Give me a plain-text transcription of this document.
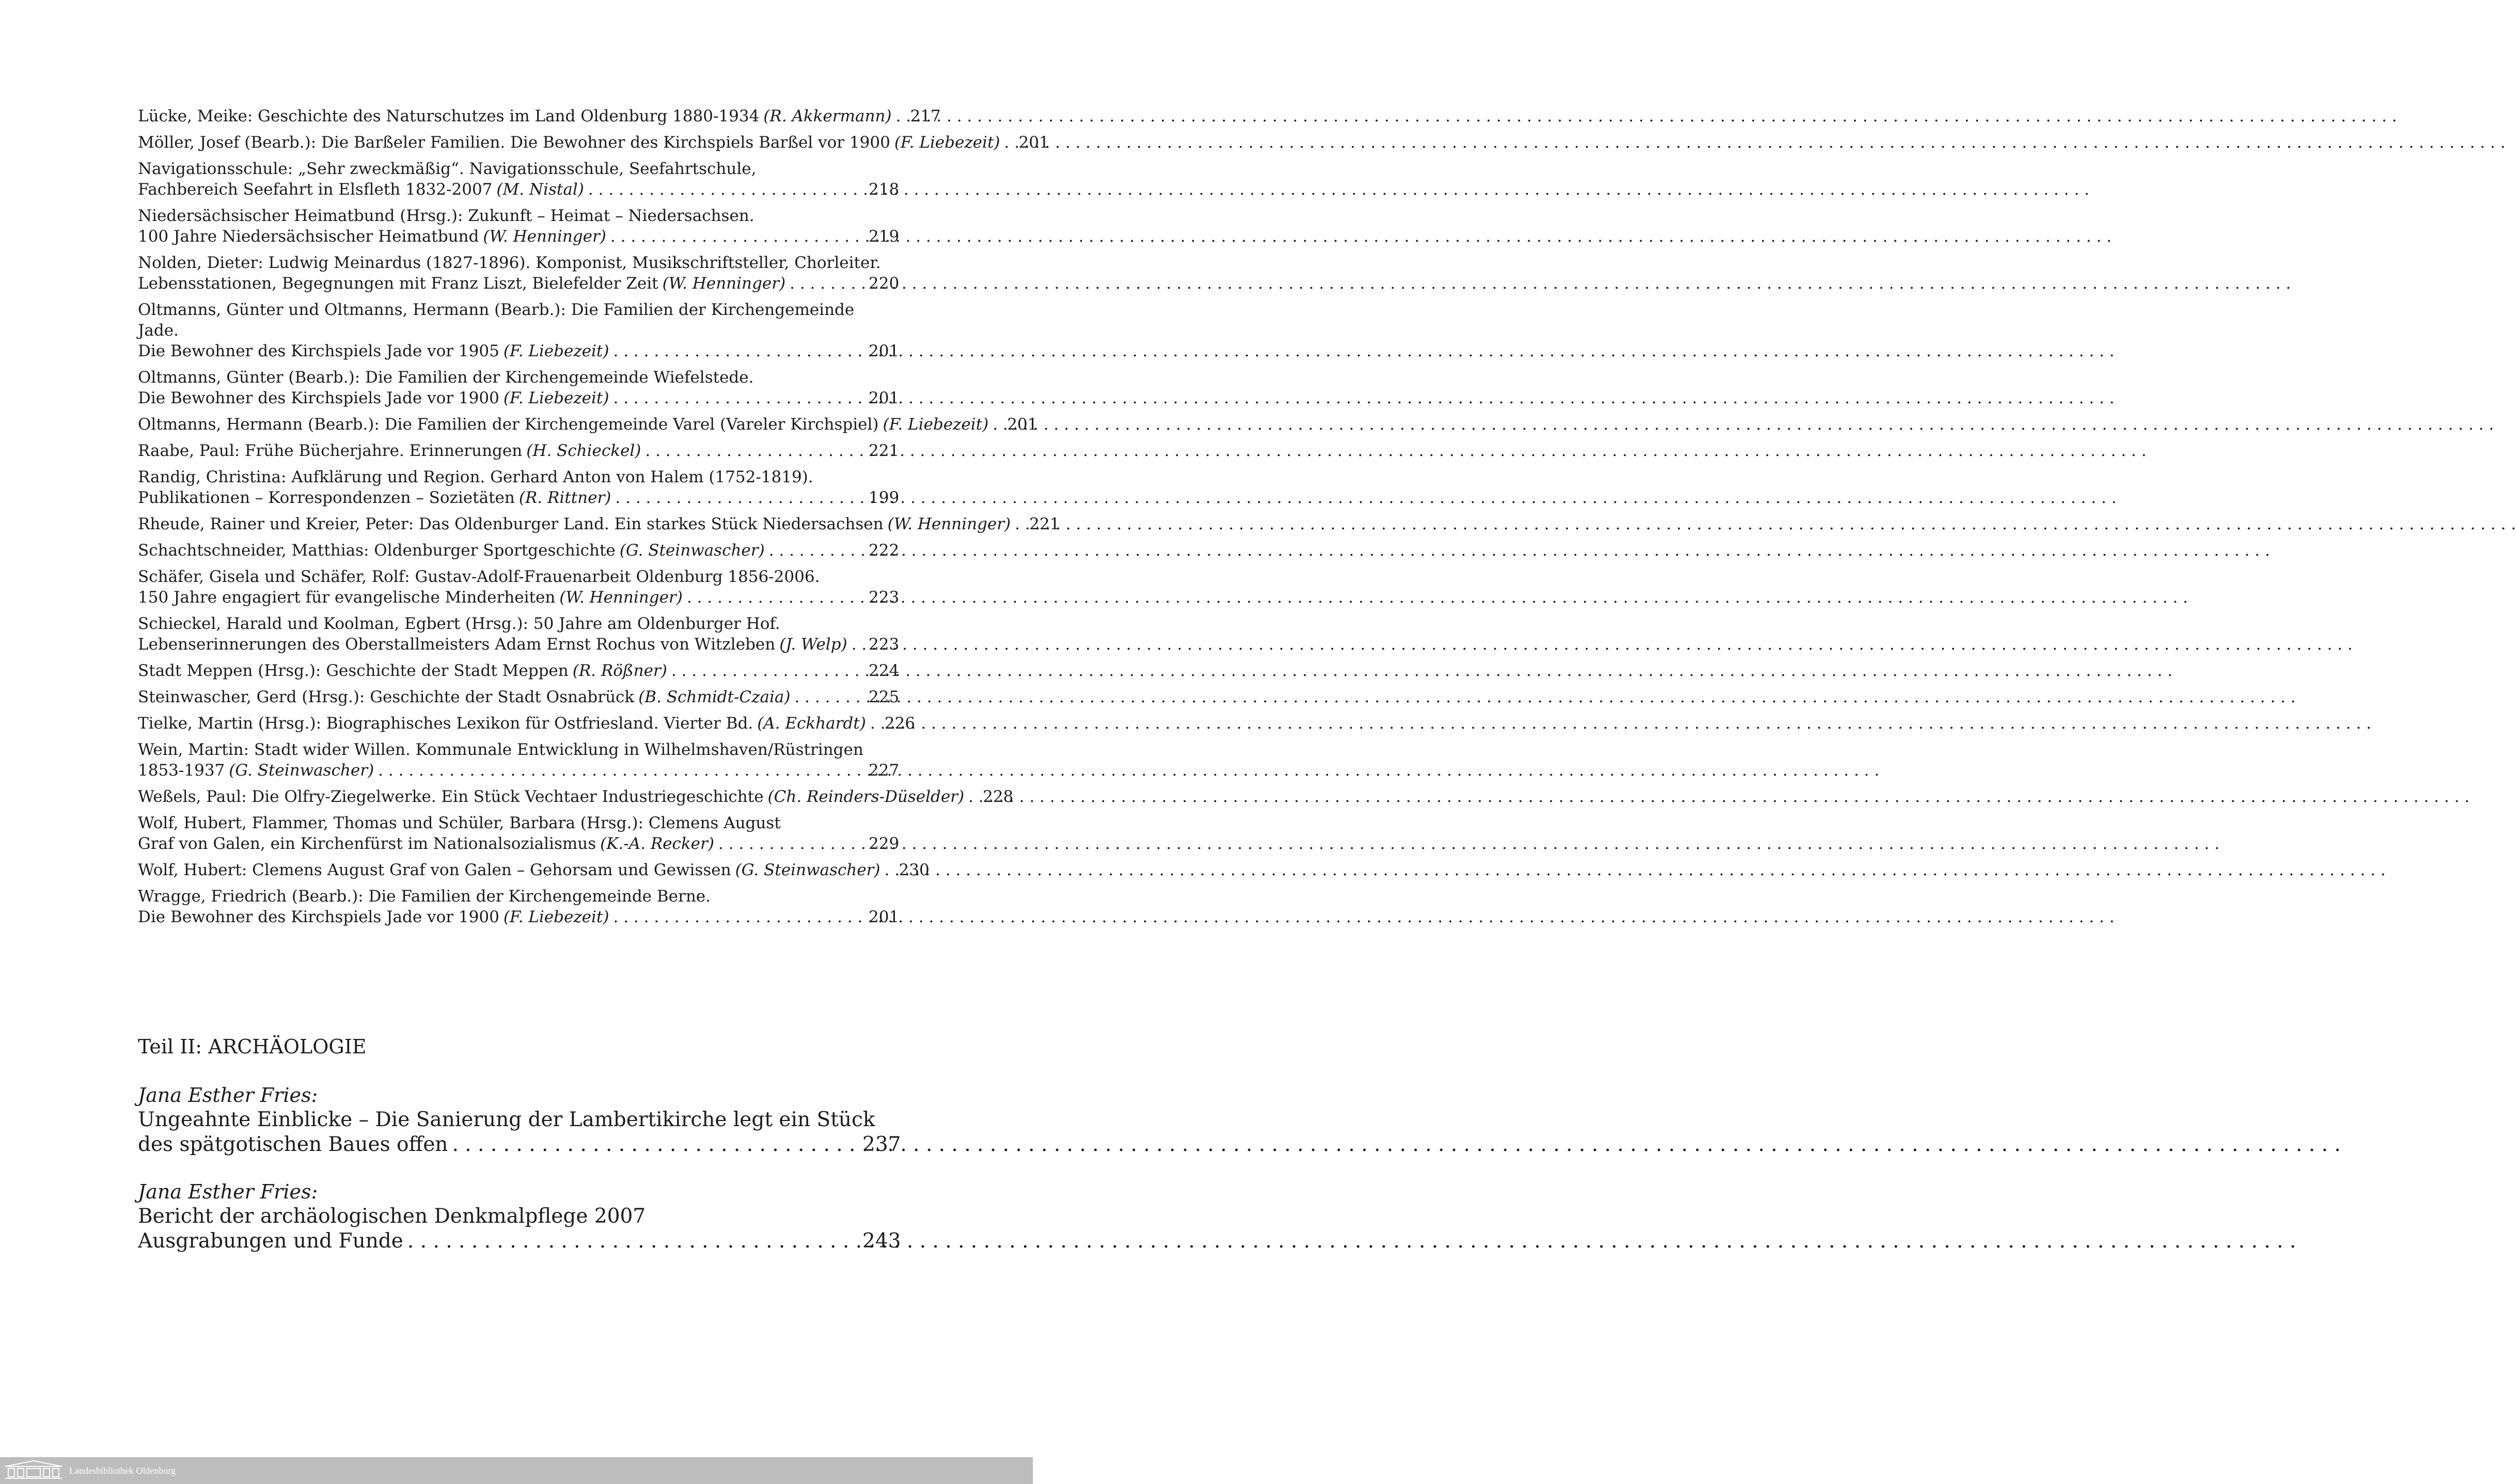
Lücke, Meike: Geschichte des Naturschutzes im Land Oldenburg 1880-1934 (R. Akkermann) . . . 217
Möller, Josef (Bearb.): Die Barßeler Familien. Die Bewohner des Kirchspiels Barßel vor 1900 (F. Liebezeit) . . . 201
Navigationsschule: „Sehr zweckmäßig“. Navigationsschule, Seefahrtschule,
Fachbereich Seefahrt in Elsfleth 1832-2007 (M. Nistal) . . .	218
Niedersächsischer Heimatbund (Hrsg.): Zukunft – Heimat – Niedersachsen.
100 Jahre Niedersächsischer Heimatbund (W. Henninger) . . .	219
Nolden, Dieter: Ludwig Meinardus (1827-1896). Komponist, Musikschriftsteller, Chorleiter.
Lebensstationen, Begegnungen mit Franz Liszt, Bielefelder Zeit (W. Henninger) . . .	220
Oltmanns, Günter und Oltmanns, Hermann (Bearb.): Die Familien der Kirchengemeinde Jade.
Die Bewohner des Kirchspiels Jade vor 1905 (F. Liebezeit) . . .	201
Oltmanns, Günter (Bearb.): Die Familien der Kirchengemeinde Wiefelstede.
Die Bewohner des Kirchspiels Jade vor 1900 (F. Liebezeit) . . .	201
Oltmanns, Hermann (Bearb.): Die Familien der Kirchengemeinde Varel (Vareler Kirchspiel) (F. Liebezeit) . . . 201
Raabe, Paul: Frühe Bücherjahre. Erinnerungen (H. Schieckel) . . .	221
Randig, Christina: Aufklärung und Region. Gerhard Anton von Halem (1752-1819).
Publikationen – Korrespondenzen – Sozietäten (R. Rittner) . . .	199
Rheude, Rainer und Kreier, Peter: Das Oldenburger Land. Ein starkes Stück Niedersachsen (W. Henninger) . . . 221
Schachtschneider, Matthias: Oldenburger Sportgeschichte (G. Steinwascher) . . .	222
Schäfer, Gisela und Schäfer, Rolf: Gustav-Adolf-Frauenarbeit Oldenburg 1856-2006.
150 Jahre engagiert für evangelische Minderheiten (W. Henninger) . . .	223
Schieckel, Harald und Koolman, Egbert (Hrsg.): 50 Jahre am Oldenburger Hof.
Lebenserinnerungen des Oberstallmeisters Adam Ernst Rochus von Witzleben (J. Welp) . . . 223
Stadt Meppen (Hrsg.): Geschichte der Stadt Meppen (R. Rößner) . . .	224
Steinwascher, Gerd (Hrsg.): Geschichte der Stadt Osnabrück (B. Schmidt-Czaia) . . .	225
Tielke, Martin (Hrsg.): Biographisches Lexikon für Ostfriesland. Vierter Bd. (A. Eckhardt) . . . 226
Wein, Martin: Stadt wider Willen. Kommunale Entwicklung in Wilhelmshaven/Rüstringen
1853-1937 (G. Steinwascher) . . .	227
Weßels, Paul: Die Olfry-Ziegelwerke. Ein Stück Vechtaer Industriegeschichte (Ch. Reinders-Düselder) . . . 228
Wolf, Hubert, Flammer, Thomas und Schüler, Barbara (Hrsg.): Clemens August
Graf von Galen, ein Kirchenfürst im Nationalsozialismus (K.-A. Recker) . . .	229
Wolf, Hubert: Clemens August Graf von Galen – Gehorsam und Gewissen (G. Steinwascher) . . . 230
Wragge, Friedrich (Bearb.): Die Familien der Kirchengemeinde Berne.
Die Bewohner des Kirchspiels Jade vor 1900 (F. Liebezeit) . . .	201
Teil II: ARCHÄOLOGIE
Jana Esther Fries:
Ungeahnte Einblicke – Die Sanierung der Lambertikirche legt ein Stück
des spätgotischen Baues offen . . .	237
Jana Esther Fries:
Bericht der archäologischen Denkmalpflege 2007
Ausgrabungen und Funde . . .	243
Landesbibliothek Oldenburg
